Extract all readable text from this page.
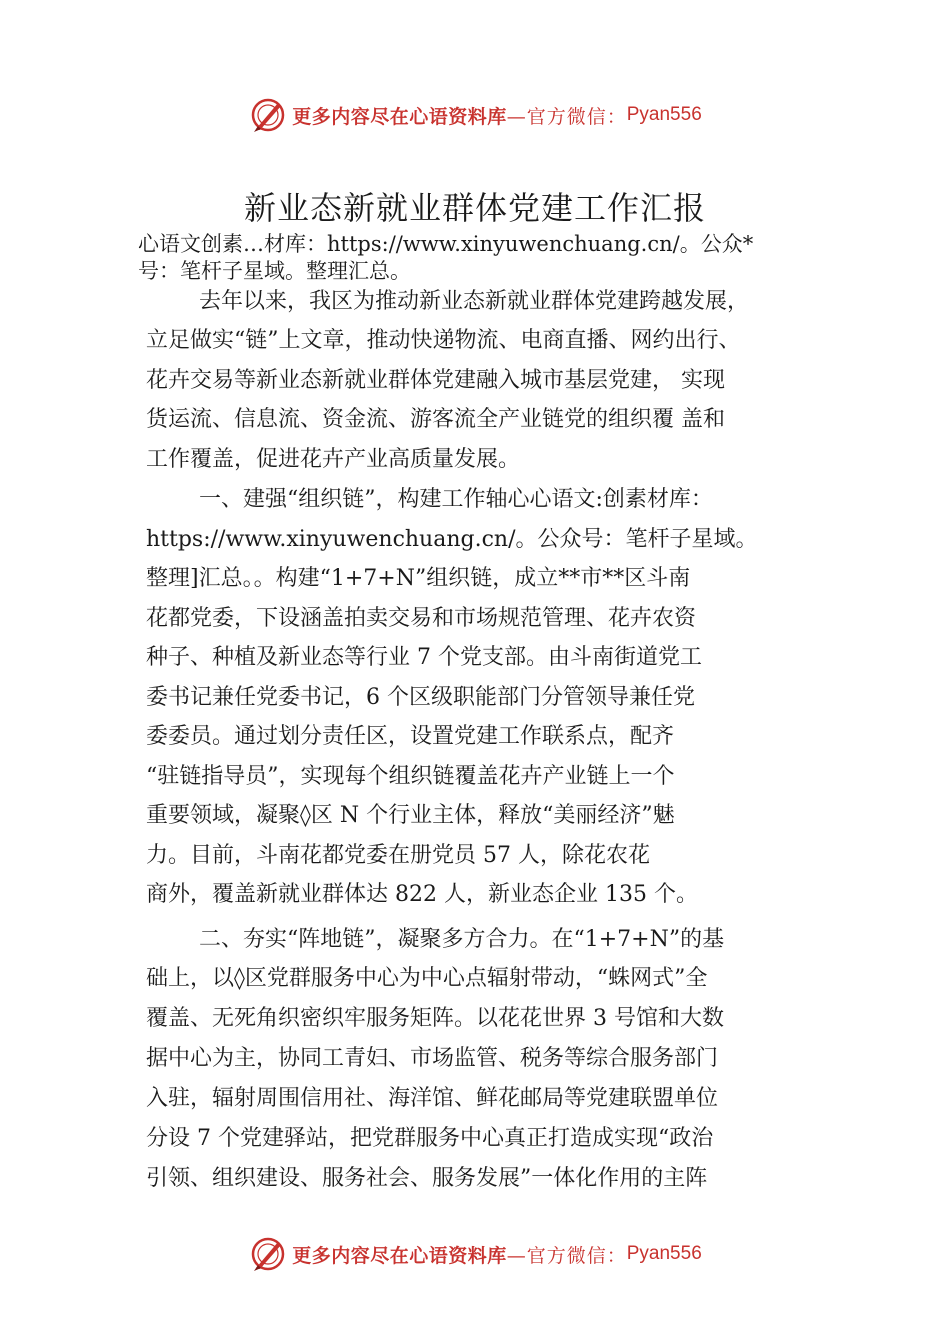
更多内容尽在心语资料库 —官方微信： Pyan556
新业态新就业群体党建工作汇报
心语文创素…材库：https://www.xinyuwenchuang.cn/。公众*
号：笔杆子星域。整理汇总。
去年以来，我区为推动新业态新就业群体党建跨越发展，
立足做实“链”上文章，推动快递物流、电商直播、网约出行、
花卉交易等新业态新就业群体党建融入城市基层党建， 实现
货运流、信息流、资金流、游客流全产业链党的组织覆 盖和
工作覆盖，促进花卉产业高质量发展。
一、建强“组织链”，构建工作轴心心语文:创素材库：
https://www.xinyuwenchuang.cn/。公众号：笔杆子星域。
整理]汇总。。构建“1+7+N”组织链，成立**市**区斗南
花都党委，下设涵盖拍卖交易和市场规范管理、花卉农资
种子、种植及新业态等行业 7 个党支部。由斗南街道党工
委书记兼任党委书记，6 个区级职能部门分管领导兼任党
委委员。通过划分责任区，设置党建工作联系点，配齐
“驻链指导员”，实现每个组织链覆盖花卉产业链上一个
重要领域，凝聚◊区 N 个行业主体，释放“美丽经济”魅
力。目前，斗南花都党委在册党员 57 人，除花农花
商外，覆盖新就业群体达 822 人，新业态企业 135 个。
二、夯实“阵地链”，凝聚多方合力。在“1+7+N”的基
础上，以◊区党群服务中心为中心点辐射带动，“蛛网式”全
覆盖、无死角织密织牢服务矩阵。以花花世界 3 号馆和大数
据中心为主，协同工青妇、市场监管、税务等综合服务部门
入驻，辐射周围信用社、海洋馆、鲜花邮局等党建联盟单位
分设 7 个党建驿站，把党群服务中心真正打造成实现“政治
引领、组织建设、服务社会、服务发展”一体化作用的主阵
更多内容尽在心语资料库 —官方微信： Pyan556
